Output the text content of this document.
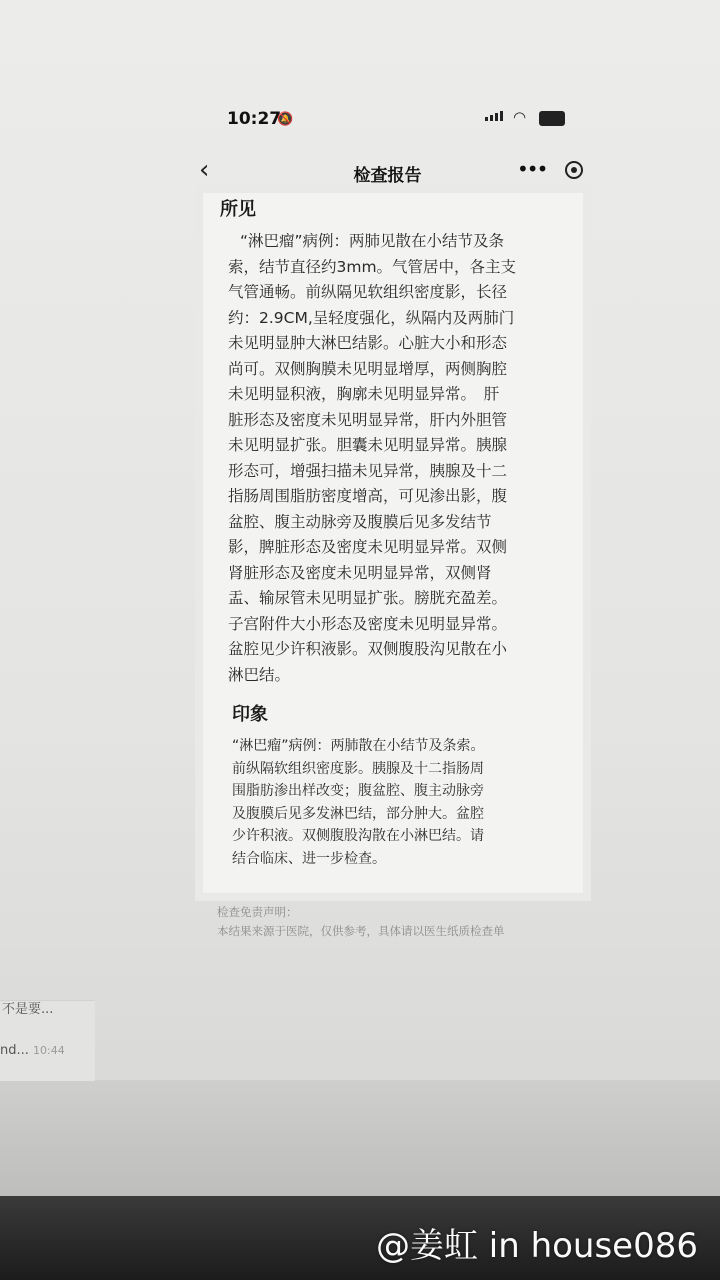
不是要...
nd... 10:44
10:27
🔕	◠
‹	检查报告	•••
所见
“淋巴瘤”病例：两肺见散在小结节及条
索，结节直径约3mm。气管居中，各主支
气管通畅。前纵隔见软组织密度影，长径
约：2.9CM,呈轻度强化，纵隔内及两肺门
未见明显肿大淋巴结影。心脏大小和形态
尚可。双侧胸膜未见明显增厚，两侧胸腔
未见明显积液，胸廓未见明显异常。　肝
脏形态及密度未见明显异常，肝内外胆管
未见明显扩张。胆囊未见明显异常。胰腺
形态可，增强扫描未见异常，胰腺及十二
指肠周围脂肪密度增高，可见渗出影，腹
盆腔、腹主动脉旁及腹膜后见多发结节
影，脾脏形态及密度未见明显异常。双侧
肾脏形态及密度未见明显异常，双侧肾
盂、输尿管未见明显扩张。膀胱充盈差。
子宫附件大小形态及密度未见明显异常。
盆腔见少许积液影。双侧腹股沟见散在小
淋巴结。
印象
“淋巴瘤”病例：两肺散在小结节及条索。
前纵隔软组织密度影。胰腺及十二指肠周
围脂肪渗出样改变；腹盆腔、腹主动脉旁
及腹膜后见多发淋巴结，部分肿大。盆腔
少许积液。双侧腹股沟散在小淋巴结。请
结合临床、进一步检查。
检查免责声明：
本结果来源于医院，仅供参考，具体请以医生纸质检查单
@姜虹 in house086
